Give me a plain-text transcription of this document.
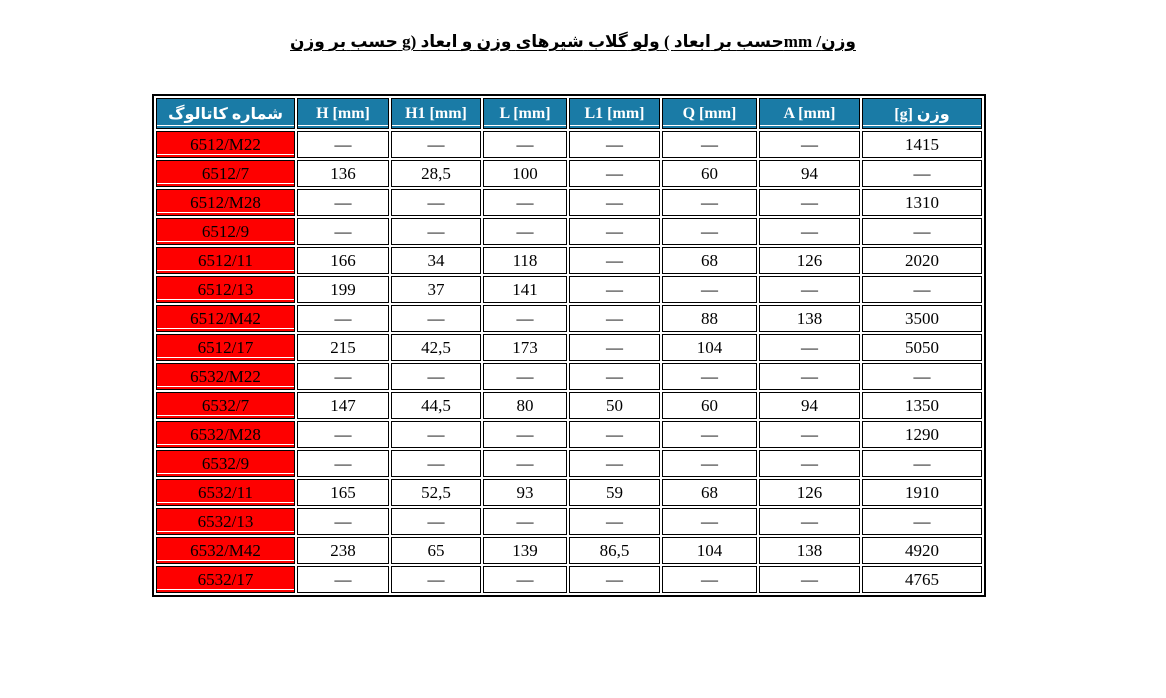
وزن بر حسب g) ابعاد و وزن شیرهای گلاب ولو ( ابعاد بر حسبmm /وزن
شماره کاتالوگ	H [mm]	H1 [mm]	L [mm]	L1 [mm]	Q [mm]	A [mm]	وزن [g]
6512/M22	—	—	—	—	—	—	1415
6512/7	136	28,5	100	—	60	94	—
6512/M28	—	—	—	—	—	—	1310
6512/9	—	—	—	—	—	—	—
6512/11	166	34	118	—	68	126	2020
6512/13	199	37	141	—	—	—	—
6512/M42	—	—	—	—	88	138	3500
6512/17	215	42,5	173	—	104	—	5050
6532/M22	—	—	—	—	—	—	—
6532/7	147	44,5	80	50	60	94	1350
6532/M28	—	—	—	—	—	—	1290
6532/9	—	—	—	—	—	—	—
6532/11	165	52,5	93	59	68	126	1910
6532/13	—	—	—	—	—	—	—
6532/M42	238	65	139	86,5	104	138	4920
6532/17	—	—	—	—	—	—	4765
